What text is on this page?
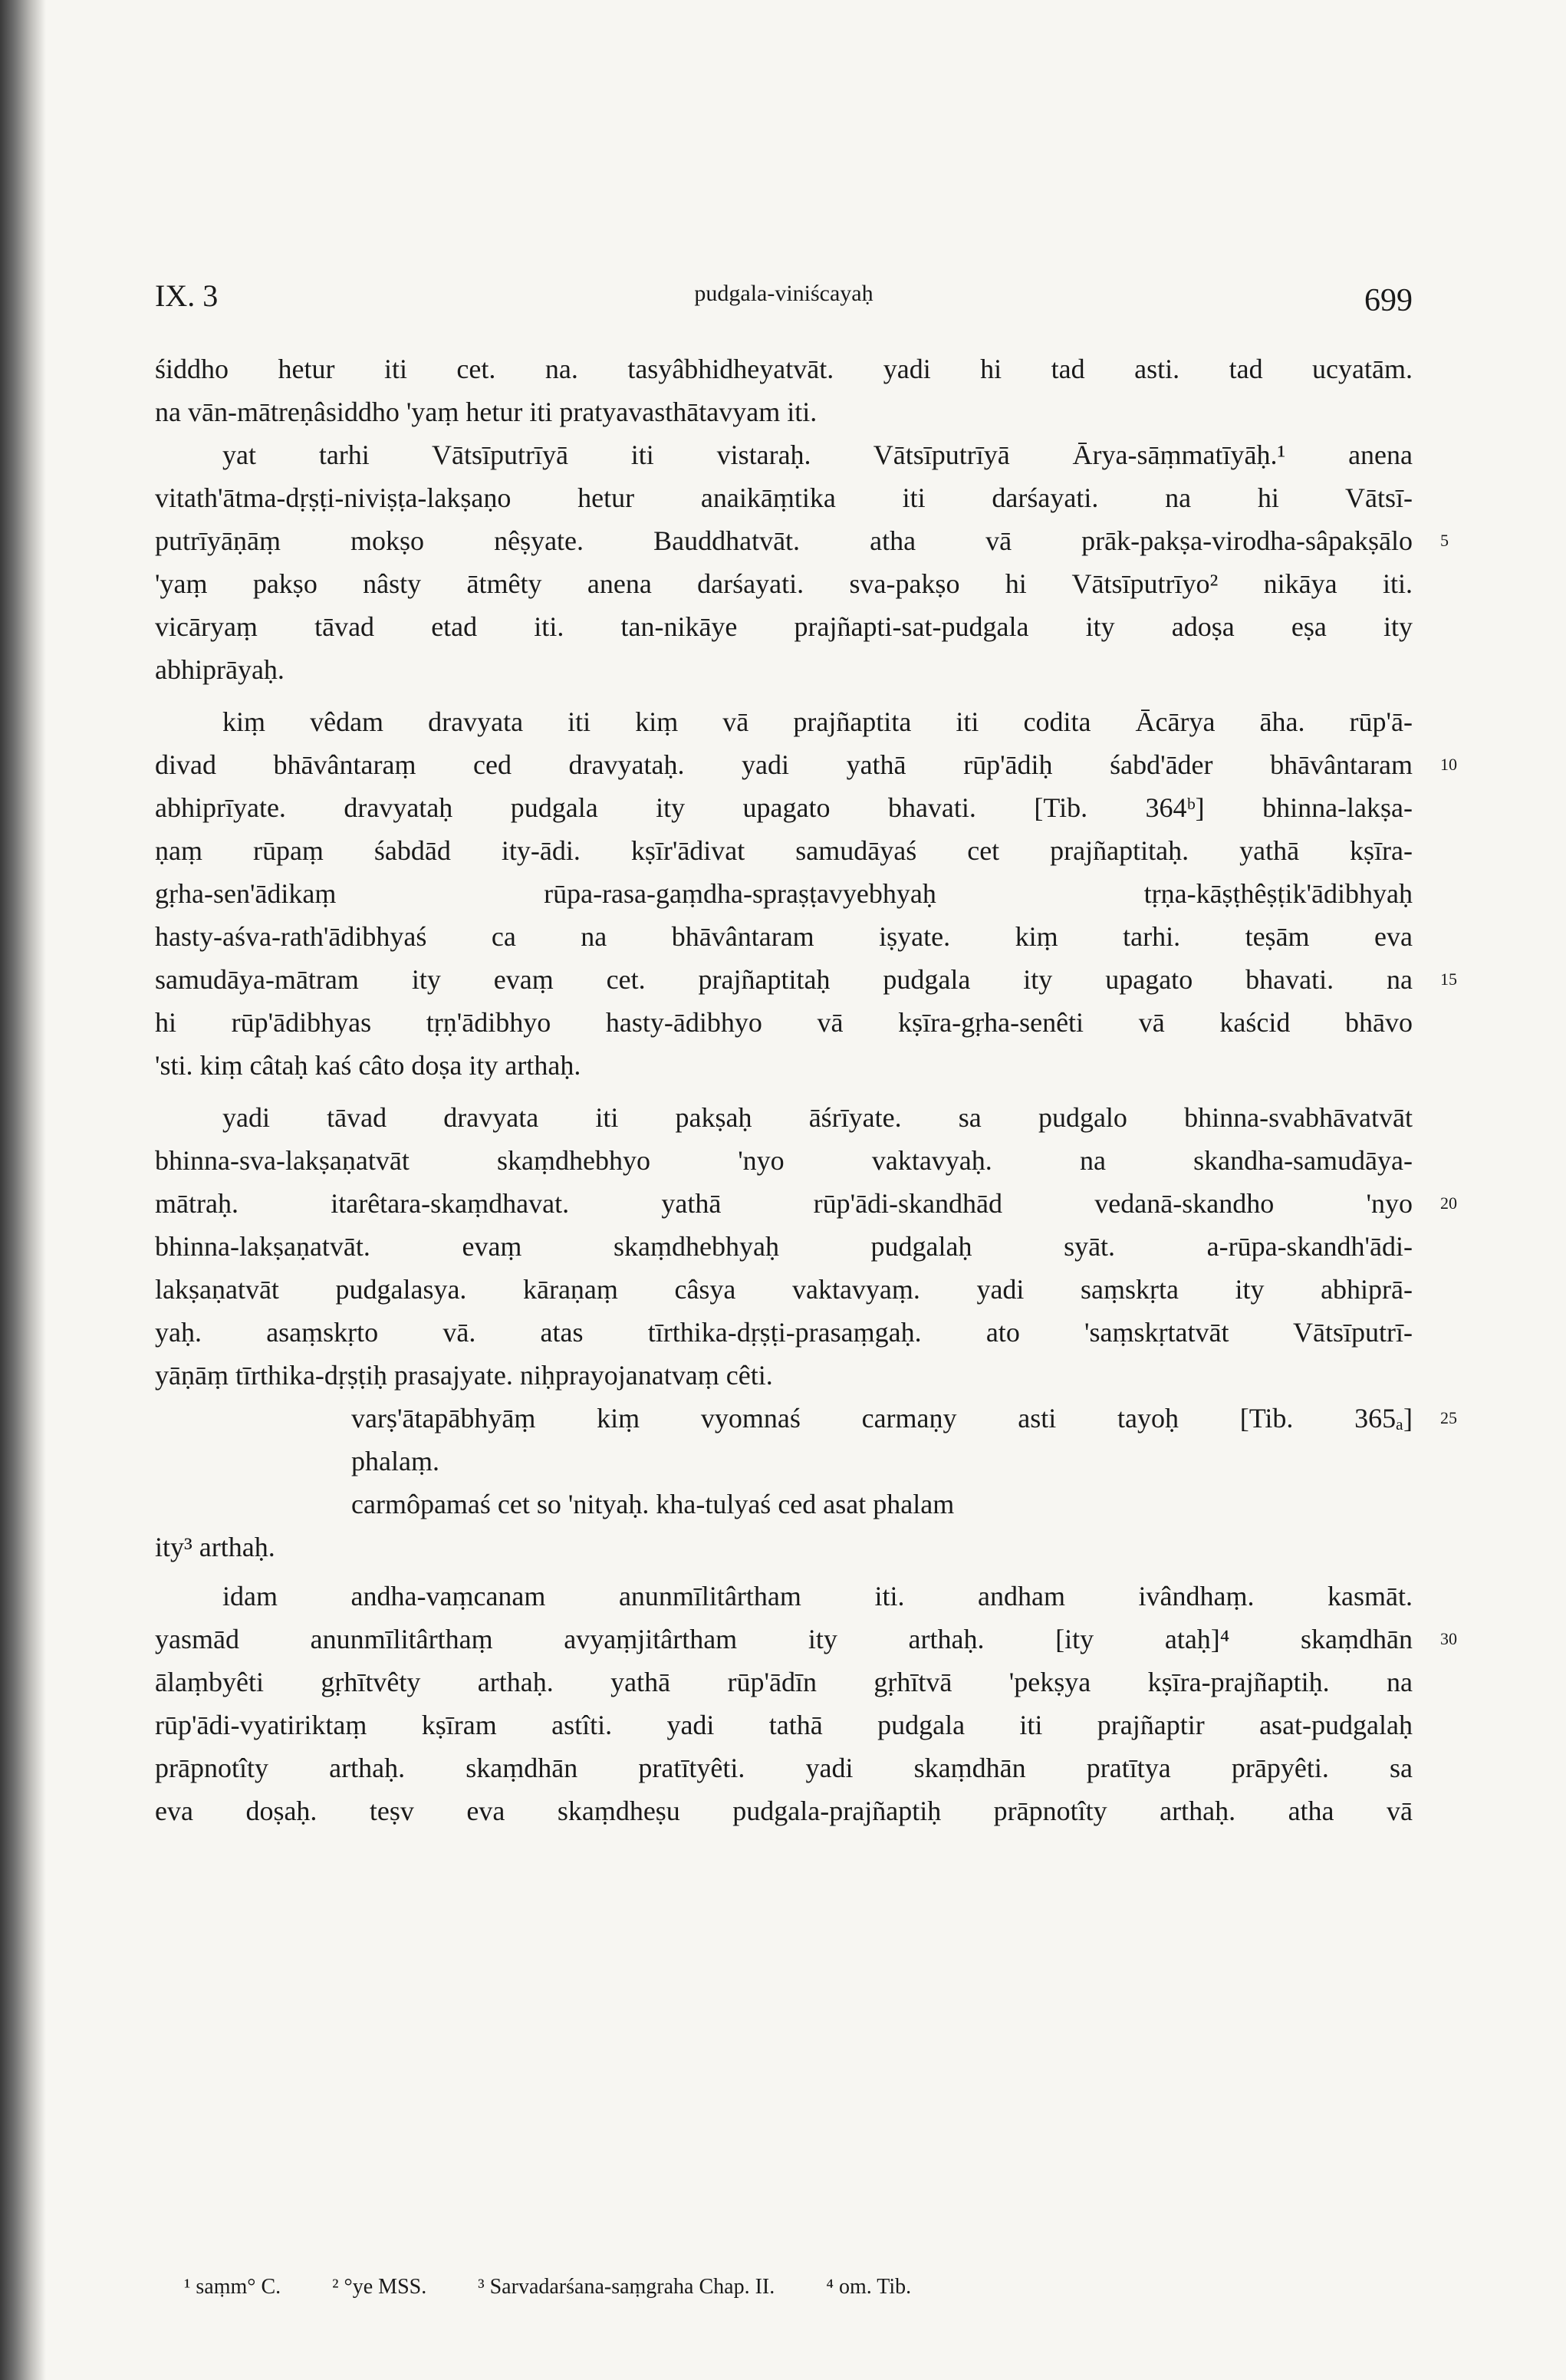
IX. 3	pudgala-viniścayaḥ	699
śiddho hetur iti cet. na. tasyâbhidheyatvāt. yadi hi tad asti. tad ucyatām.
na vān-mātreṇâsiddho 'yaṃ hetur iti pratyavasthātavyam iti.
yat tarhi Vātsīputrīyā iti vistaraḥ. Vātsīputrīyā Ārya-sāṃmatīyāḥ.¹ anena
vitath'ātma-dṛṣṭi-niviṣṭa-lakṣaṇo hetur anaikāṃtika iti darśayati. na hi Vātsī-
putrīyāṇāṃ mokṣo nêṣyate. Bauddhatvāt. atha vā prāk-pakṣa-virodha-sâpakṣālo
'yaṃ pakṣo nâsty ātmêty anena darśayati. sva-pakṣo hi Vātsīputrīyo² nikāya iti.
vicāryaṃ tāvad etad iti. tan-nikāye prajñapti-sat-pudgala ity adoṣa eṣa ity
abhiprāyaḥ.
kiṃ vêdam dravyata iti kiṃ vā prajñaptita iti codita Ācārya āha. rūp'ā-
divad bhāvântaraṃ ced dravyataḥ. yadi yathā rūp'ādiḥ śabd'āder bhāvântaram
abhiprīyate. dravyataḥ pudgala ity upagato bhavati. [Tib. 364ᵇ] bhinna-lakṣa-
ṇaṃ rūpaṃ śabdād ity-ādi. kṣīr'ādivat samudāyaś cet prajñaptitaḥ. yathā kṣīra-
gṛha-sen'ādikaṃ rūpa-rasa-gaṃdha-spraṣṭavyebhyaḥ tṛṇa-kāṣṭhêṣṭik'ādibhyaḥ
hasty-aśva-rath'ādibhyaś ca na bhāvântaram iṣyate. kiṃ tarhi. teṣām eva
samudāya-mātram ity evaṃ cet. prajñaptitaḥ pudgala ity upagato bhavati. na
hi rūp'ādibhyas tṛṇ'ādibhyo hasty-ādibhyo vā kṣīra-gṛha-senêti vā kaścid bhāvo
'sti. kiṃ câtaḥ kaś câto doṣa ity arthaḥ.
yadi tāvad dravyata iti pakṣaḥ āśrīyate. sa pudgalo bhinna-svabhāvatvāt
bhinna-sva-lakṣaṇatvāt skaṃdhebhyo 'nyo vaktavyaḥ. na skandha-samudāya-
mātraḥ. itarêtara-skaṃdhavat. yathā rūp'ādi-skandhād vedanā-skandho 'nyo
bhinna-lakṣaṇatvāt. evaṃ skaṃdhebhyaḥ pudgalaḥ syāt. a-rūpa-skandh'ādi-
lakṣaṇatvāt pudgalasya. kāraṇaṃ câsya vaktavyaṃ. yadi saṃskṛta ity abhiprā-
yaḥ. asaṃskṛto vā. atas tīrthika-dṛṣṭi-prasaṃgaḥ. ato 'saṃskṛtatvāt Vātsīputrī-
yāṇāṃ tīrthika-dṛṣṭiḥ prasajyate. niḥprayojanatvaṃ cêti.
varṣ'ātapābhyāṃ kiṃ vyomnaś carmaṇy asti tayoḥ [Tib. 365ₐ]
phalaṃ.
carmôpamaś cet so 'nityaḥ. kha-tulyaś ced asat phalam
ity³ arthaḥ.
idam andha-vaṃcanam anunmīlitârtham iti. andham ivândhaṃ. kasmāt.
yasmād anunmīlitârthaṃ avyaṃjitârtham ity arthaḥ. [ity ataḥ]⁴ skaṃdhān
ālaṃbyêti gṛhītvêty arthaḥ. yathā rūp'ādīn gṛhītvā 'pekṣya kṣīra-prajñaptiḥ. na
rūp'ādi-vyatiriktaṃ kṣīram astîti. yadi tathā pudgala iti prajñaptir asat-pudgalaḥ
prāpnotîty arthaḥ. skaṃdhān pratītyêti. yadi skaṃdhān pratītya prāpyêti. sa
eva doṣaḥ. teṣv eva skaṃdheṣu pudgala-prajñaptiḥ prāpnotîty arthaḥ. atha vā
5
10
15
20
25
30
¹ saṃm° C. ² °ye MSS. ³ Sarvadarśana-saṃgraha Chap. II. ⁴ om. Tib.
